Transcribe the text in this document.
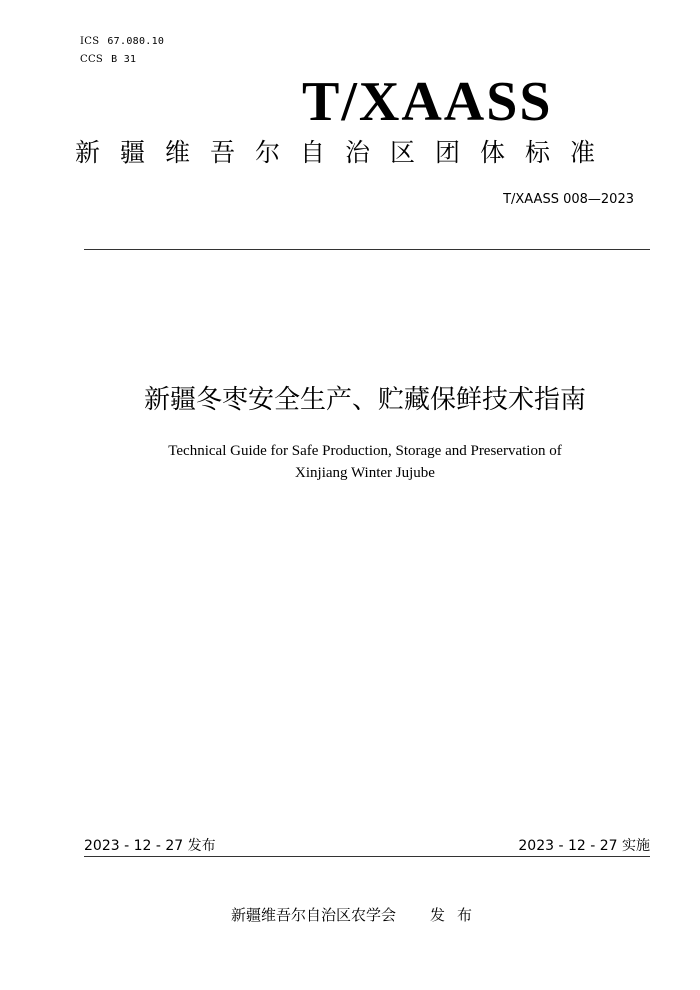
ICS 67.080.10
CCS B 31
T/XAASS
新疆维吾尔自治区团体标准
T/XAASS 008—2023
新疆冬枣安全生产、贮藏保鲜技术指南
Technical Guide for Safe Production, Storage and Preservation of
Xinjiang Winter Jujube
2023 - 12 - 27 发布	2023 - 12 - 27 实施
新疆维吾尔自治区农学会 发布
